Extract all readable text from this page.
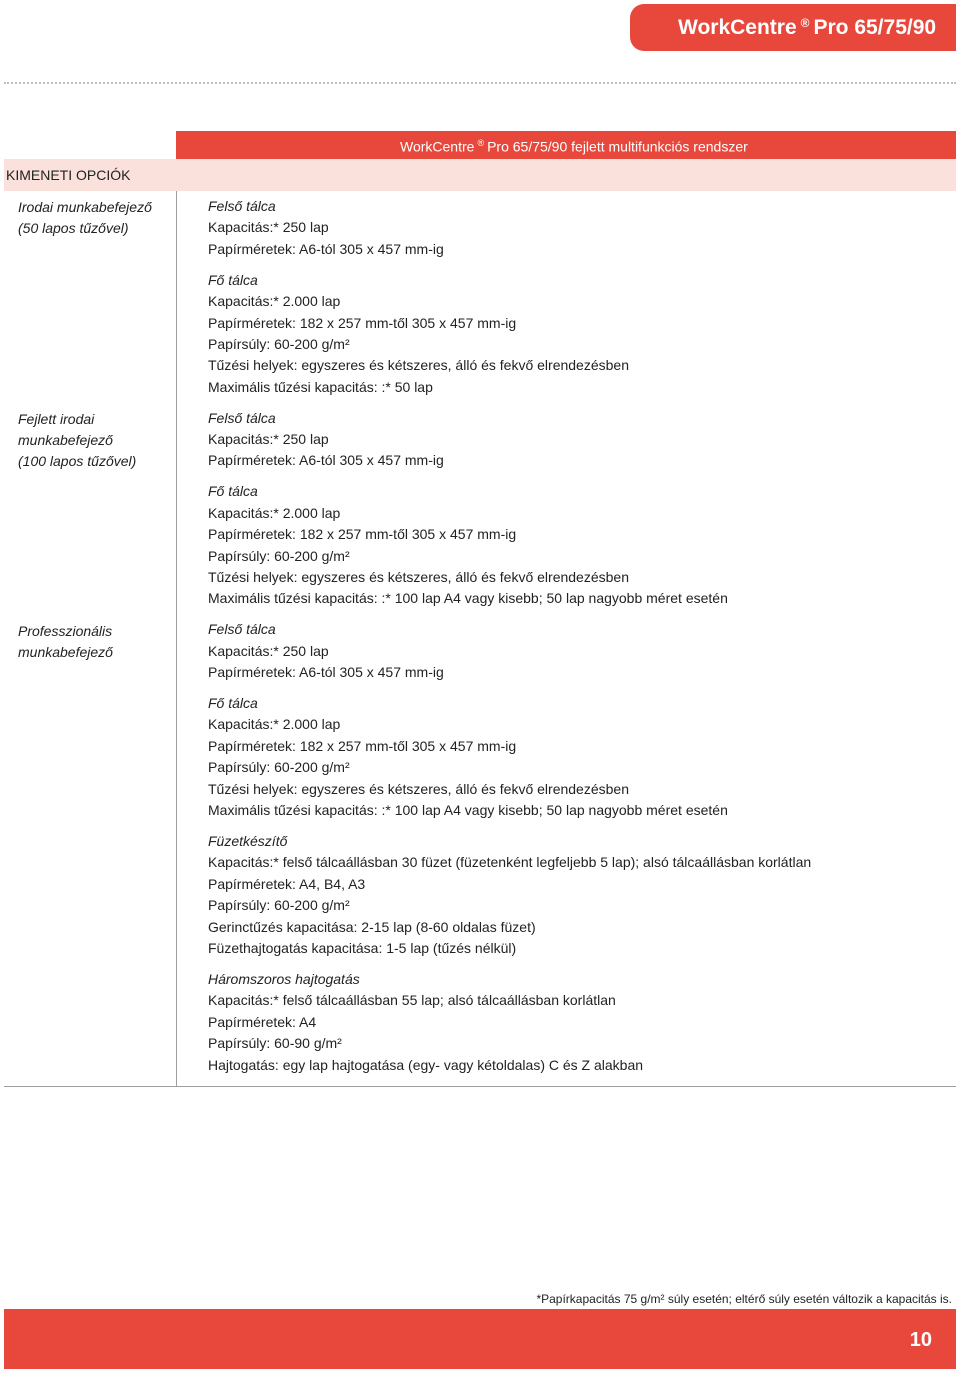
WorkCentre ® Pro 65/75/90
WorkCentre ® Pro 65/75/90 fejlett multifunkciós rendszer
KIMENETI OPCIÓK
Irodai munkabefejező
(50 lapos tűzővel)
Fejlett irodai
munkabefejező
(100 lapos tűzővel)
Professzionális
munkabefejező
Felső tálca
Kapacitás:* 250 lap
Papírméretek: A6-tól 305 x 457 mm-ig
Fő tálca
Kapacitás:* 2.000 lap
Papírméretek: 182 x 257 mm-től 305 x 457 mm-ig
Papírsúly: 60-200 g/m²
Tűzési helyek: egyszeres és kétszeres, álló és fekvő elrendezésben
Maximális tűzési kapacitás: :* 50 lap
Felső tálca
Kapacitás:* 250 lap
Papírméretek: A6-tól 305 x 457 mm-ig
Fő tálca
Kapacitás:* 2.000 lap
Papírméretek: 182 x 257 mm-től 305 x 457 mm-ig
Papírsúly: 60-200 g/m²
Tűzési helyek: egyszeres és kétszeres, álló és fekvő elrendezésben
Maximális tűzési kapacitás: :* 100 lap A4 vagy kisebb; 50 lap nagyobb méret esetén
Felső tálca
Kapacitás:* 250 lap
Papírméretek: A6-tól 305 x 457 mm-ig
Fő tálca
Kapacitás:* 2.000 lap
Papírméretek: 182 x 257 mm-től 305 x 457 mm-ig
Papírsúly: 60-200 g/m²
Tűzési helyek: egyszeres és kétszeres, álló és fekvő elrendezésben
Maximális tűzési kapacitás: :* 100 lap A4 vagy kisebb; 50 lap nagyobb méret esetén
Füzetkészítő
Kapacitás:* felső tálcaállásban 30 füzet (füzetenként legfeljebb 5 lap); alsó tálcaállásban korlátlan
Papírméretek: A4, B4, A3
Papírsúly: 60-200 g/m²
Gerinctűzés kapacitása: 2-15 lap (8-60 oldalas füzet)
Füzethajtogatás kapacitása: 1-5 lap (tűzés nélkül)
Háromszoros hajtogatás
Kapacitás:* felső tálcaállásban 55 lap; alsó tálcaállásban korlátlan
Papírméretek: A4
Papírsúly: 60-90 g/m²
Hajtogatás: egy lap hajtogatása (egy- vagy kétoldalas) C és Z alakban
*Papírkapacitás 75 g/m² súly esetén; eltérő súly esetén változik a kapacitás is.
10
